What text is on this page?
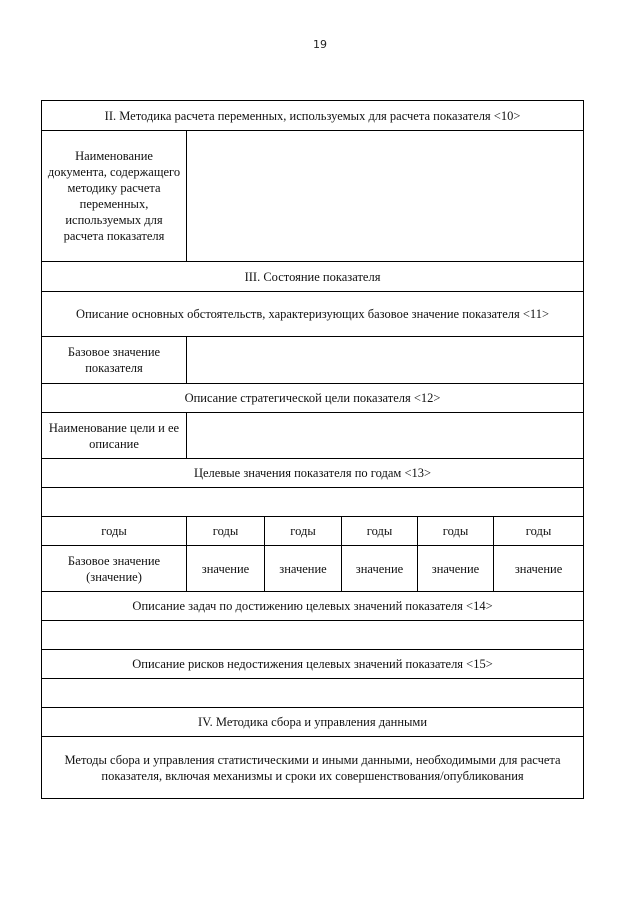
19
II. Методика расчета переменных, используемых для расчета показателя <10>					
Наименование документа, содержащего методику расчета переменных, используемых для расчета показателя					
III. Состояние показателя					
Описание основных обстоятельств, характеризующих базовое значение показателя <11>					
Базовое значение показателя					
Описание стратегической цели показателя <12>					
Наименование цели и ее описание					
Целевые значения показателя по годам <13>					

годы	годы	годы	годы	годы	годы
Базовое значение (значение)	значение	значение	значение	значение	значение
Описание задач по достижению целевых значений показателя <14>					

Описание рисков недостижения целевых значений показателя <15>					

IV. Методика сбора и управления данными					
Методы сбора и управления статистическими и иными данными, необходимыми для расчета показателя, включая механизмы и сроки их совершенствования/опубликования					
